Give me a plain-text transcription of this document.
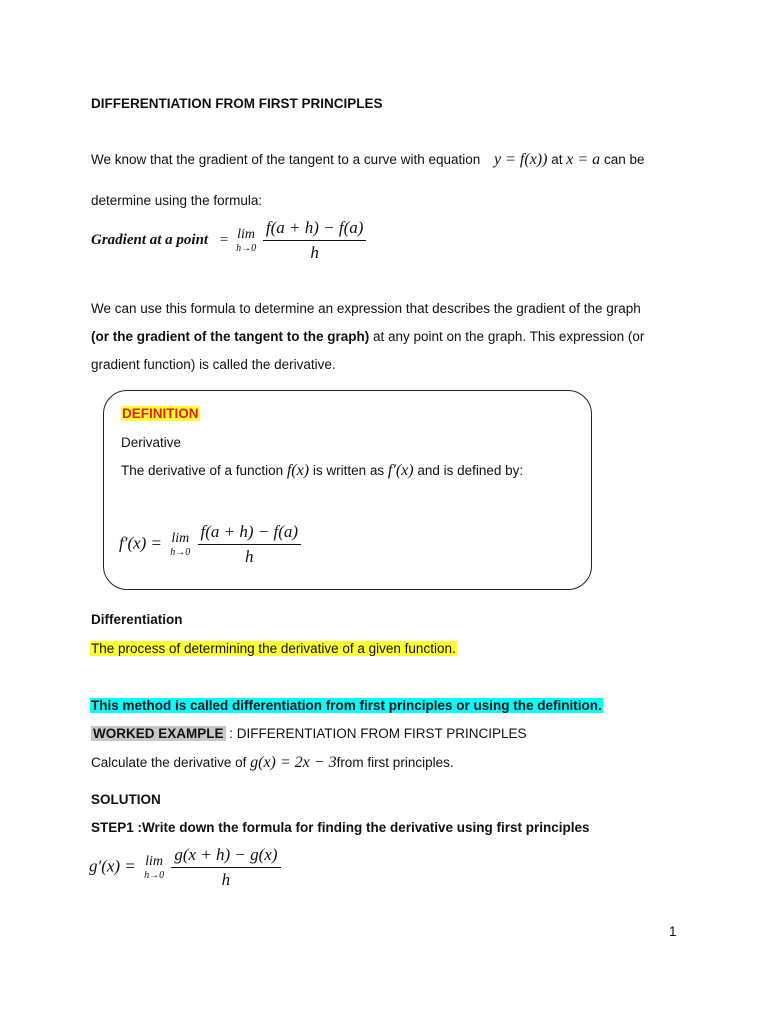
DIFFERENTIATION FROM FIRST PRINCIPLES
We know that the gradient of the tangent to a curve with equation y = f(x)) at x = a can be
determine using the formula:
Gradient at a point = lim
h→0
$\frac{f(a + h) - f(a)}{h}$
We can use this formula to determine an expression that describes the gradient of the graph
(or the gradient of the tangent to the graph) at any point on the graph. This expression (or
gradient function) is called the derivative.
DEFINITION
Derivative
The derivative of a function f(x) is written as f′(x) and is defined by:
f′(x) = lim
h→0
$\frac{f(a + h) - f(a)}{h}$
Differentiation
The process of determining the derivative of a given function.
This method is called differentiation from first principles or using the definition.
WORKED EXAMPLE : DIFFERENTIATION FROM FIRST PRINCIPLES
Calculate the derivative of g(x) = 2x − 3from first principles.
SOLUTION
STEP1 :Write down the formula for finding the derivative using first principles
g′(x) = lim
h→0
$\frac{g(x + h) - g(x)}{h}$
1
